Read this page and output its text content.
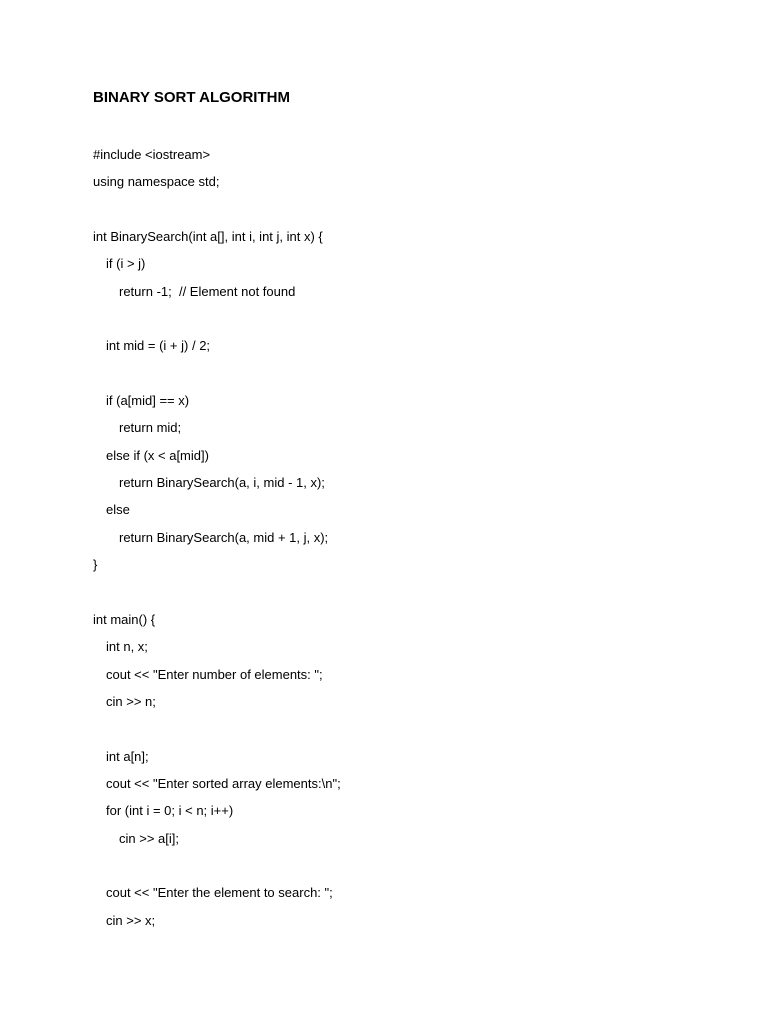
BINARY SORT ALGORITHM
#include <iostream>
using namespace std;
int BinarySearch(int a[], int i, int j, int x) {
if (i > j)
return -1;  // Element not found
int mid = (i + j) / 2;
if (a[mid] == x)
return mid;
else if (x < a[mid])
return BinarySearch(a, i, mid - 1, x);
else
return BinarySearch(a, mid + 1, j, x);
}
int main() {
int n, x;
cout << "Enter number of elements: ";
cin >> n;
int a[n];
cout << "Enter sorted array elements:\n";
for (int i = 0; i < n; i++)
cin >> a[i];
cout << "Enter the element to search: ";
cin >> x;
